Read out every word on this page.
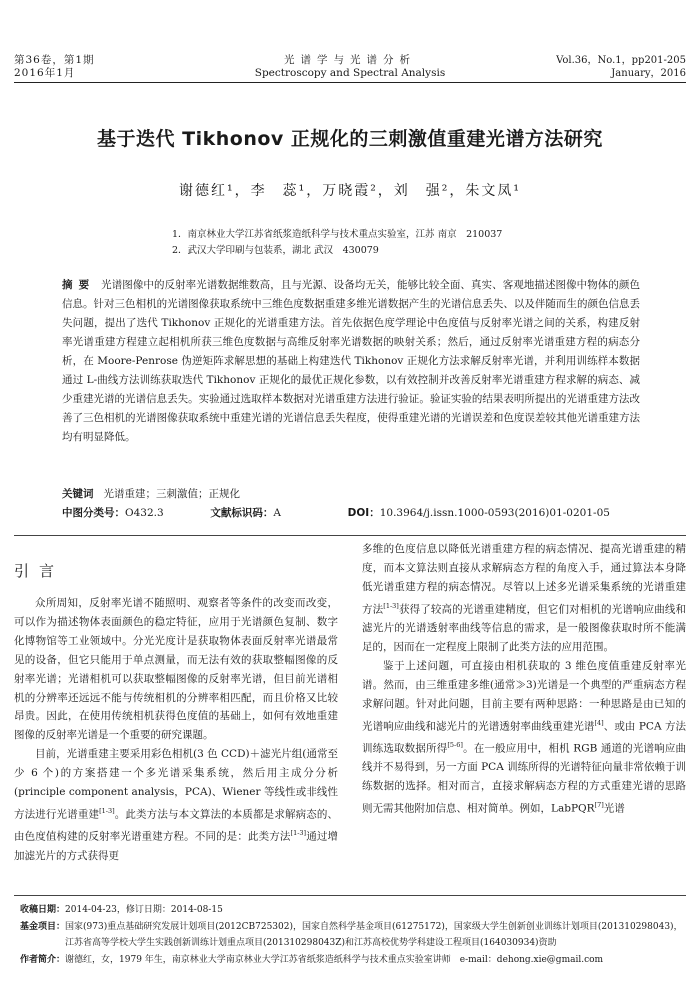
第36卷，第1期
2016年1月
光谱学与光谱分析
Spectroscopy and Spectral Analysis
Vol.36，No.1，pp201-205
January，2016
基于迭代 Tikhonov 正规化的三刺激值重建光谱方法研究
谢德红¹，李　蕊¹，万晓霞²，刘　强²，朱文凤¹
1．南京林业大学江苏省纸浆造纸科学与技术重点实验室，江苏 南京　210037
2．武汉大学印刷与包装系，湖北 武汉　430079
摘要 光谱图像中的反射率光谱数据维数高，且与光源、设备均无关，能够比较全面、真实、客观地描述图像中物体的颜色信息。针对三色相机的光谱图像获取系统中三维色度数据重建多维光谱数据产生的光谱信息丢失、以及伴随而生的颜色信息丢失问题，提出了迭代 Tikhonov 正规化的光谱重建方法。首先依据色度学理论中色度值与反射率光谱之间的关系，构建反射率光谱重建方程建立起相机所获三维色度数据与高维反射率光谱数据的映射关系；然后，通过反射率光谱重建方程的病态分析，在 Moore-Penrose 伪逆矩阵求解思想的基础上构建迭代 Tikhonov 正规化方法求解反射率光谱，并利用训练样本数据通过 L-曲线方法训练获取迭代 Tikhonov 正规化的最优正规化参数，以有效控制并改善反射率光谱重建方程求解的病态、减少重建光谱的光谱信息丢失。实验通过选取样本数据对光谱重建方法进行验证。验证实验的结果表明所提出的光谱重建方法改善了三色相机的光谱图像获取系统中重建光谱的光谱信息丢失程度，使得重建光谱的光谱误差和色度误差较其他光谱重建方法均有明显降低。
关键词 光谱重建；三刺激值；正规化
中图分类号：O432.3	文献标识码：A	DOI：10.3964/j.issn.1000-0593(2016)01-0201-05
引言

众所周知，反射率光谱不随照明、观察者等条件的改变而改变，可以作为描述物体表面颜色的稳定特征，应用于光谱颜色复制、数字化博物馆等工业领域中。分光光度计是获取物体表面反射率光谱最常见的设备，但它只能用于单点测量，而无法有效的获取整幅图像的反射率光谱；光谱相机可以获取整幅图像的反射率光谱，但目前光谱相机的分辨率还远远不能与传统相机的分辨率相匹配，而且价格又比较昂贵。因此，在使用传统相机获得色度值的基础上，如何有效地重建图像的反射率光谱是一个重要的研究课题。

目前，光谱重建主要采用彩色相机(3 色 CCD)＋滤光片组(通常至少 6 个)的方案搭建一个多光谱采集系统，然后用主成分分析(principle component analysis，PCA)、Wiener 等线性或非线性方法进行光谱重建[1-3]。此类方法与本文算法的本质都是求解病态的、由色度值构建的反射率光谱重建方程。不同的是：此类方法[1-3]通过增加滤光片的方式获得更

多维的色度信息以降低光谱重建方程的病态情况、提高光谱重建的精度，而本文算法则直接从求解病态方程的角度入手，通过算法本身降低光谱重建方程的病态情况。尽管以上述多光谱采集系统的光谱重建方法[1-3]获得了较高的光谱重建精度，但它们对相机的光谱响应曲线和滤光片的光谱透射率曲线等信息的需求，是一般图像获取时所不能满足的，因而在一定程度上限制了此类方法的应用范围。

鉴于上述问题，可直接由相机获取的 3 维色度值重建反射率光谱。然而，由三维重建多维(通常≫3)光谱是一个典型的严重病态方程求解问题。针对此问题，目前主要有两种思路：一种思路是由已知的光谱响应曲线和滤光片的光谱透射率曲线重建光谱[4]、或由 PCA 方法训练选取数据所得[5-6]。在一般应用中，相机 RGB 通道的光谱响应曲线并不易得到，另一方面 PCA 训练所得的光谱特征向量非常依赖于训练数据的选择。相对而言，直接求解病态方程的方式重建光谱的思路则无需其他附加信息、相对简单。例如，LabPQR[7]光谱

收稿日期： 2014-04-23，修订日期：2014-08-15
基金项目： 国家(973)重点基础研究发展计划项目(2012CB725302)，国家自然科学基金项目(61275172)，国家级大学生创新创业训练计划项目(201310298043)，江苏省高等学校大学生实践创新训练计划重点项目(201310298043Z)和江苏高校优势学科建设工程项目(164030934)资助
作者简介： 谢德红，女，1979 年生，南京林业大学南京林业大学江苏省纸浆造纸科学与技术重点实验室讲师　e-mail：dehong.xie@gmail.com
